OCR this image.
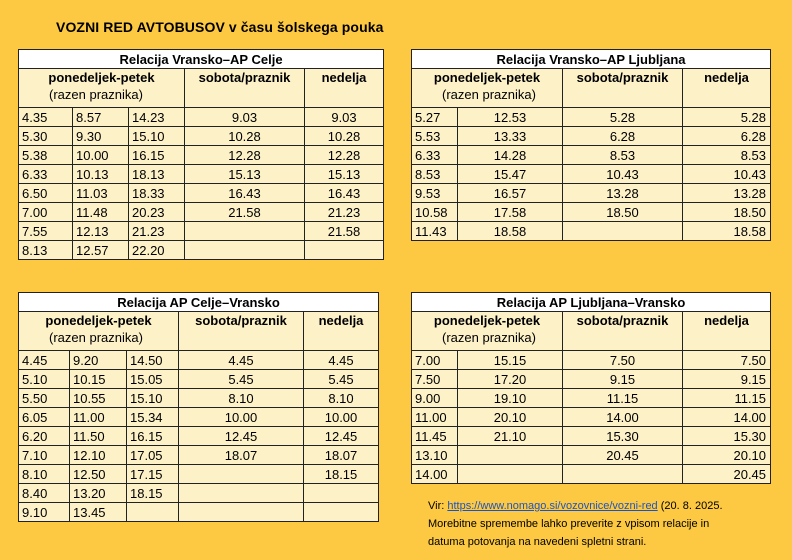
VOZNI RED AVTOBUSOV v času šolskega pouka
Relacija Vransko–AP Celje				
ponedeljek-petek
(razen praznika)			sobota/praznik	nedelja
4.35	8.57	14.23	9.03	9.03
5.30	9.30	15.10	10.28	10.28
5.38	10.00	16.15	12.28	12.28
6.33	10.13	18.13	15.13	15.13
6.50	11.03	18.33	16.43	16.43
7.00	11.48	20.23	21.58	21.23
7.55	12.13	21.23		21.58
8.13	12.57	22.20		
Relacija Vransko–AP Ljubljana			
ponedeljek-petek
(razen praznika)		sobota/praznik	nedelja
5.27	12.53	5.28	5.28
5.53	13.33	6.28	6.28
6.33	14.28	8.53	8.53
8.53	15.47	10.43	10.43
9.53	16.57	13.28	13.28
10.58	17.58	18.50	18.50
11.43	18.58		18.58
Relacija AP Celje–Vransko				
ponedeljek-petek
(razen praznika)			sobota/praznik	nedelja
4.45	9.20	14.50	4.45	4.45
5.10	10.15	15.05	5.45	5.45
5.50	10.55	15.10	8.10	8.10
6.05	11.00	15.34	10.00	10.00
6.20	11.50	16.15	12.45	12.45
7.10	12.10	17.05	18.07	18.07
8.10	12.50	17.15		18.15
8.40	13.20	18.15		
9.10	13.45			
Relacija AP Ljubljana–Vransko			
ponedeljek-petek
(razen praznika)		sobota/praznik	nedelja
7.00	15.15	7.50	7.50
7.50	17.20	9.15	9.15
9.00	19.10	11.15	11.15
11.00	20.10	14.00	14.00
11.45	21.10	15.30	15.30
13.10		20.45	20.10
14.00			20.45
Vir: https://www.nomago.si/vozovnice/vozni-red (20. 8. 2025.
Morebitne spremembe lahko preverite z vpisom relacije in
datuma potovanja na navedeni spletni strani.
